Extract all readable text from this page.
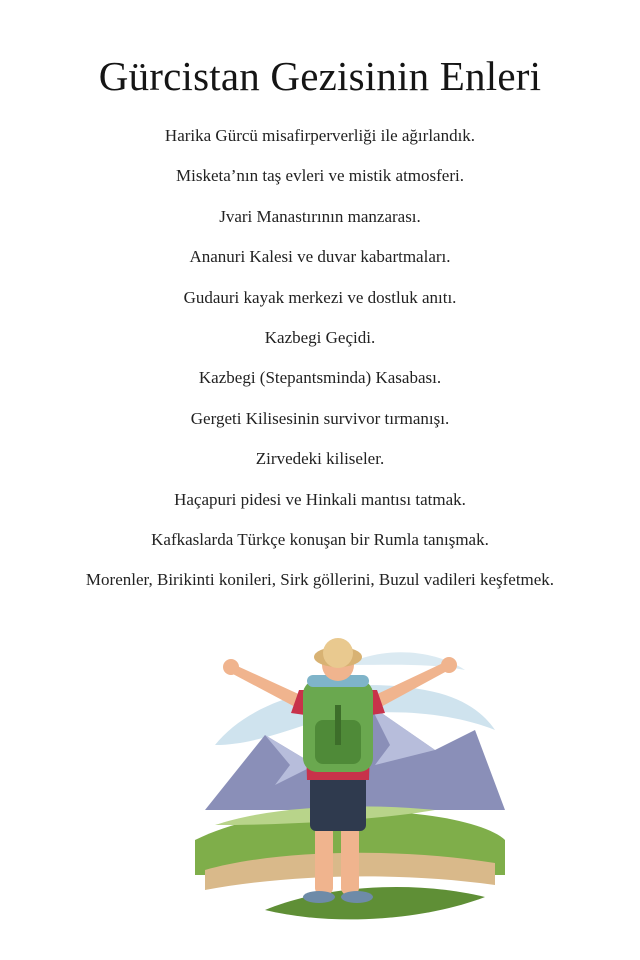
Gürcistan Gezisinin Enleri
Harika Gürcü misafirperverliği ile ağırlandık.
Misketa’nın taş evleri ve mistik atmosferi.
Jvari Manastırının manzarası.
Ananuri Kalesi ve duvar kabartmaları.
Gudauri kayak merkezi ve dostluk anıtı.
Kazbegi Geçidi.
Kazbegi (Stepantsminda) Kasabası.
Gergeti Kilisesinin survivor tırmanışı.
Zirvedeki kiliseler.
Haçapuri pidesi ve Hinkali mantısı tatmak.
Kafkaslarda Türkçe konuşan bir Rumla tanışmak.
Morenler, Birikinti konileri, Sirk göllerini, Buzul vadileri keşfetmek.
